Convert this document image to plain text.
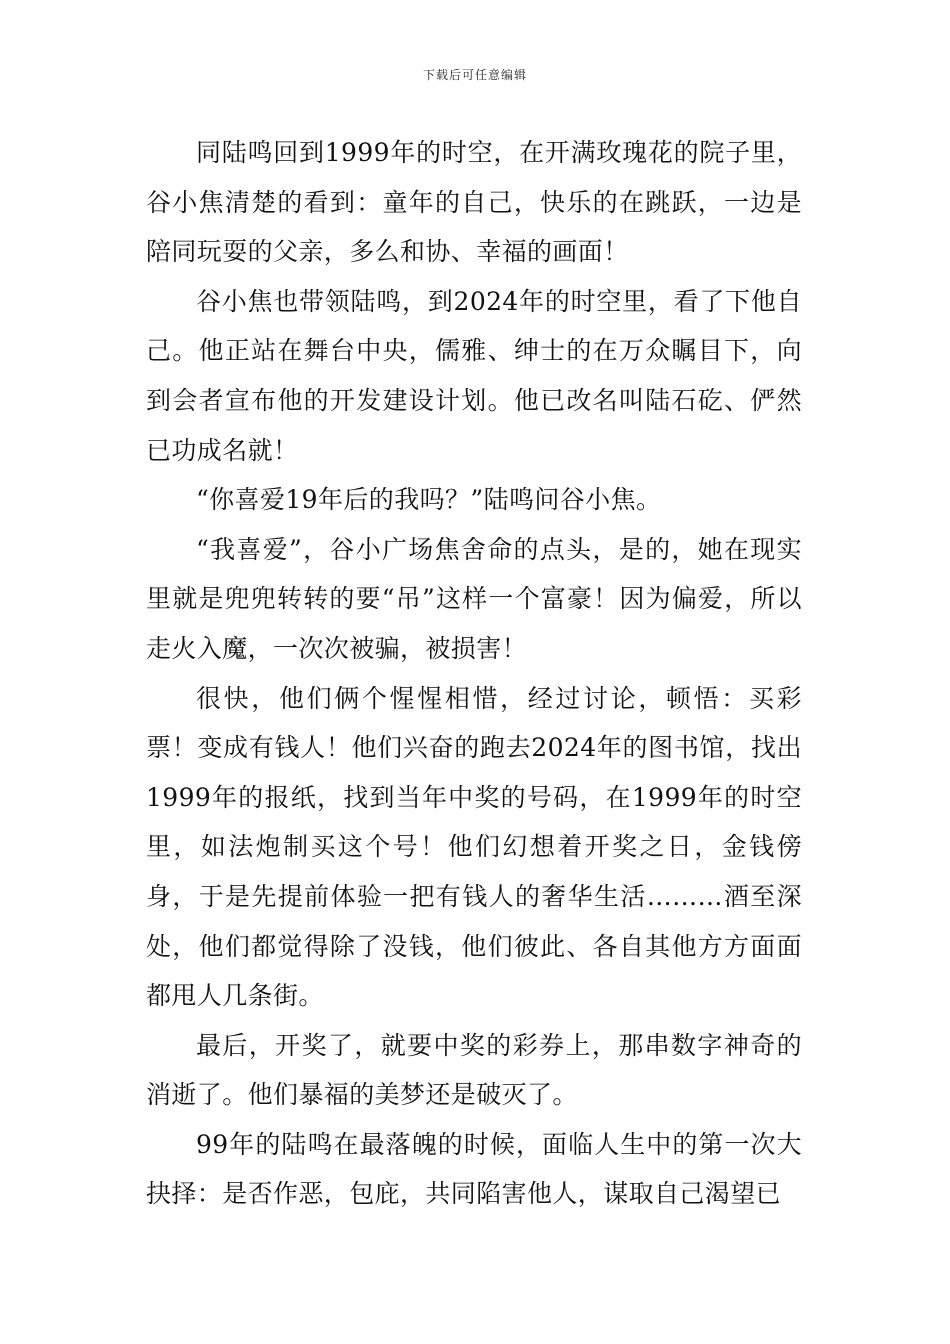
下载后可任意编辑

同陆鸣回到1999年的时空，在开满玫瑰花的院子里，谷小焦清楚的看到：童年的自己，快乐的在跳跃，一边是陪同玩耍的父亲，多么和协、幸福的画面！

谷小焦也带领陆鸣，到2024年的时空里，看了下他自己。他正站在舞台中央，儒雅、绅士的在万众瞩目下，向到会者宣布他的开发建设计划。他已改名叫陆石矻、俨然已功成名就！

“你喜爱19年后的我吗？”陆鸣问谷小焦。

“我喜爱”，谷小广场焦舍命的点头，是的，她在现实里就是兜兜转转的要“吊”这样一个富豪！因为偏爱，所以走火入魔，一次次被骗，被损害！

很快，他们俩个惺惺相惜，经过讨论，顿悟：买彩票！变成有钱人！他们兴奋的跑去2024年的图书馆，找出1999年的报纸，找到当年中奖的号码，在1999年的时空里，如法炮制买这个号！他们幻想着开奖之日，金钱傍身，于是先提前体验一把有钱人的奢华生活………酒至深处，他们都觉得除了没钱，他们彼此、各自其他方方面面都甩人几条街。

最后，开奖了，就要中奖的彩券上，那串数字神奇的消逝了。他们暴福的美梦还是破灭了。

99年的陆鸣在最落魄的时候，面临人生中的第一次大抉择：是否作恶，包庇，共同陷害他人，谋取自己渴望已
